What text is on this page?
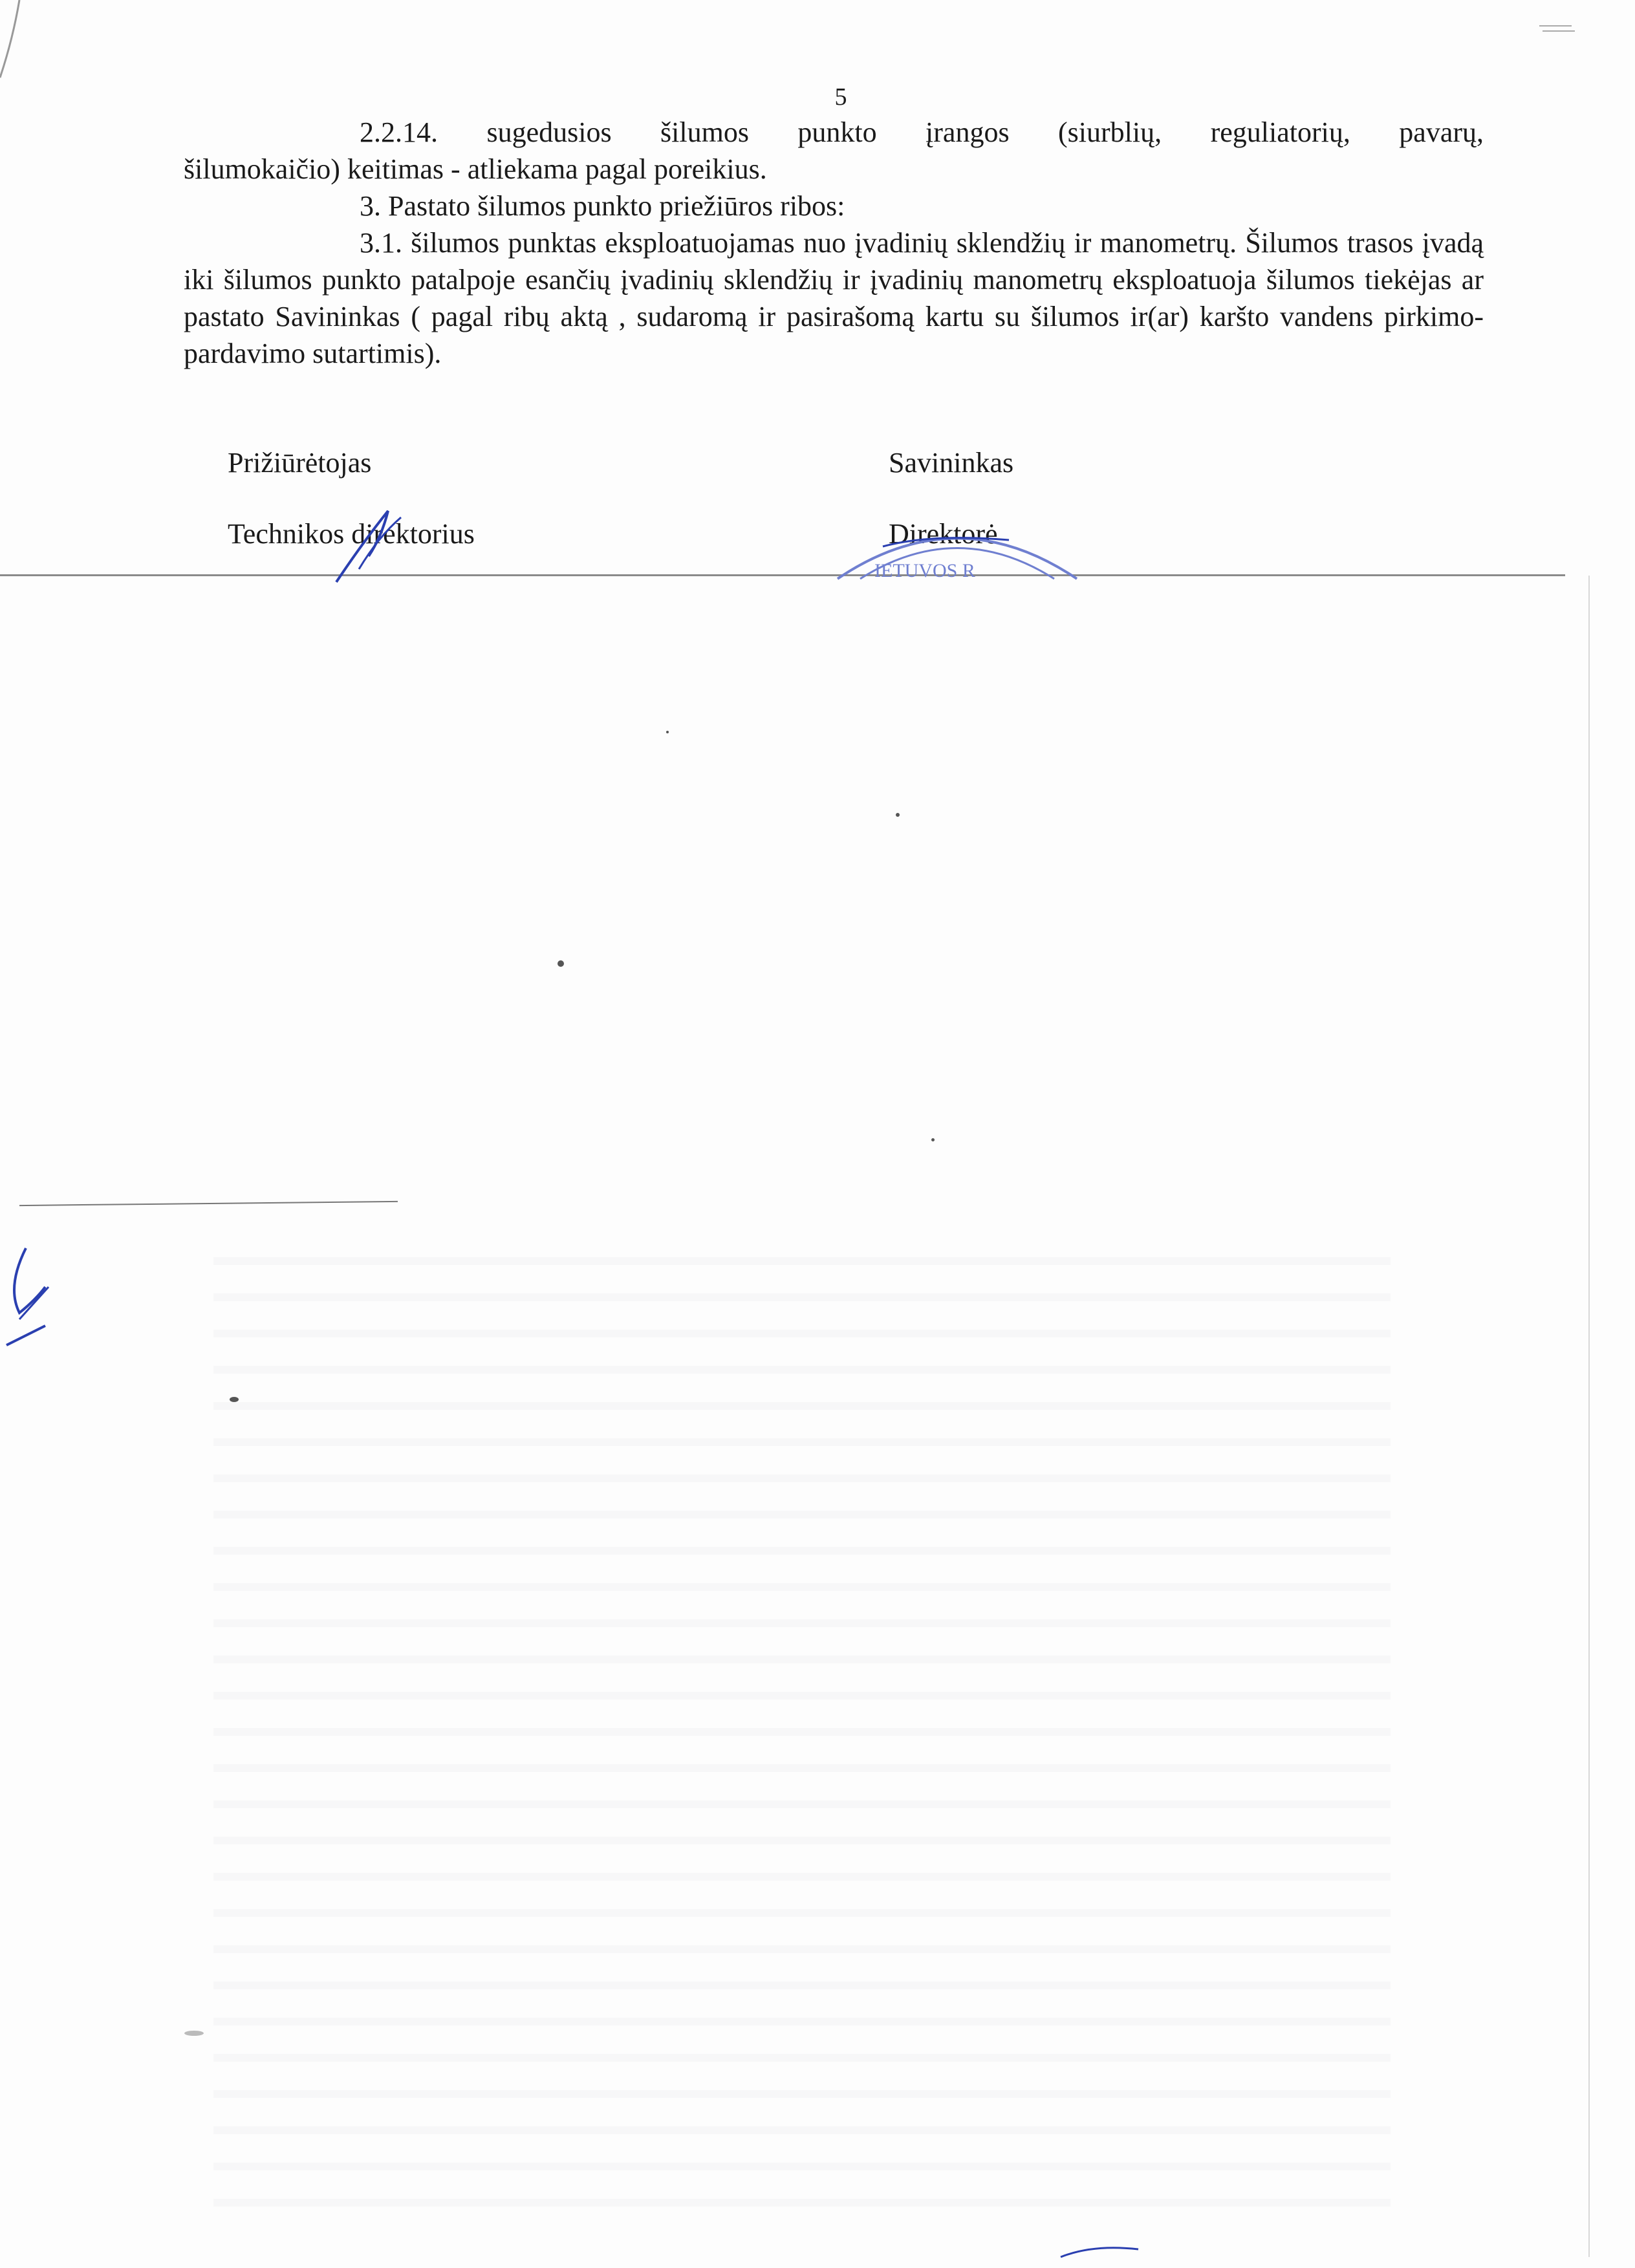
5
2.2.14. sugedusios šilumos punkto įrangos (siurblių, reguliatorių, pavarų,
šilumokaičio) keitimas - atliekama pagal poreikius.
3. Pastato šilumos punkto priežiūros ribos:

3.1. šilumos punktas eksploatuojamas nuo įvadinių sklendžių ir manometrų. Šilumos trasos įvadą iki šilumos punkto patalpoje esančių įvadinių sklendžių ir įvadinių manometrų eksploatuoja šilumos tiekėjas ar pastato Savininkas ( pagal ribų aktą , sudaromą ir pasirašomą kartu su šilumos ir(ar) karšto vandens pirkimo-pardavimo sutartimis).

Prižiūrėtojas	Savininkas
Technikos direktorius	Direktorė
IETUVOS R
